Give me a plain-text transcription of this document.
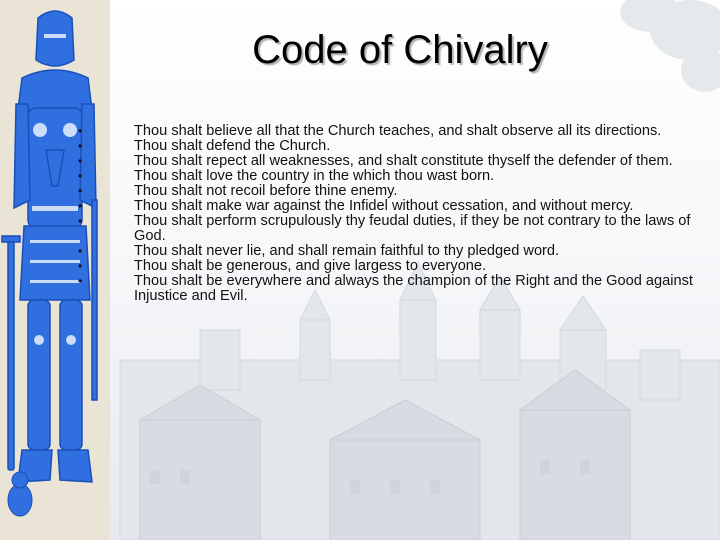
Code of Chivalry
•	Thou shalt believe all that the Church teaches, and shalt observe all its directions.
•	Thou shalt defend the Church.
•	Thou shalt repect all weaknesses, and shalt constitute thyself the defender of them.
•	Thou shalt love the country in the which thou wast born.
•	Thou shalt not recoil before thine enemy.
•	Thou shalt make war against the Infidel without cessation, and without mercy.
•	Thou shalt perform scrupulously thy feudal duties, if they be not contrary to the laws of God.
•	Thou shalt never lie, and shall remain faithful to thy pledged word.
•	Thou shalt be generous, and give largess to everyone.
•	Thou shalt be everywhere and always the champion of the Right and the Good against Injustice and Evil.
